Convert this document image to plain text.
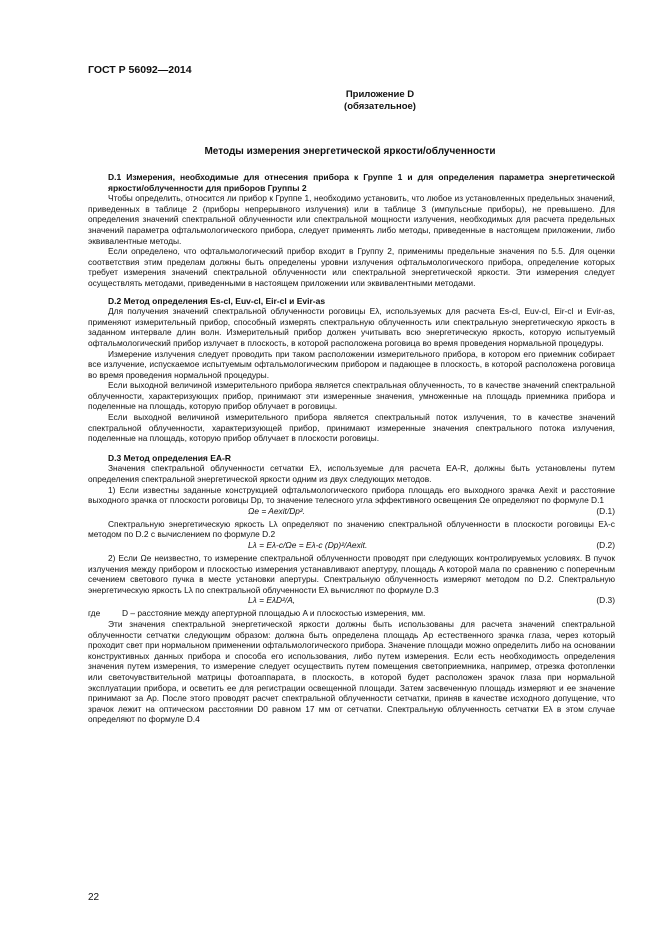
ГОСТ Р 56092—2014
Приложение D
(обязательное)
Методы измерения энергетической яркости/облученности
D.1 Измерения, необходимые для отнесения прибора к Группе 1 и для определения параметра энергетической яркости/облученности для приборов Группы 2

Чтобы определить, относится ли прибор к Группе 1, необходимо установить, что любое из установленных предельных значений, приведенных в таблице 2 (приборы непрерывного излучения) или в таблице 3 (импульсные приборы), не превышено. Для определения значений спектральной облученности или спектральной мощности излучения, необходимых для расчета предельных значений параметра офтальмологического прибора, следует применять либо методы, приведенные в настоящем приложении, либо эквивалентные методы.

Если определено, что офтальмологический прибор входит в Группу 2, применимы предельные значения по 5.5. Для оценки соответствия этим пределам должны быть определены уровни излучения офтальмологического прибора, определение которых требует измерения значений спектральной облученности или спектральной энергетической яркости. Эти измерения следует осуществлять методами, приведенными в настоящем приложении или эквивалентными методами.

D.2 Метод определения Es-cl, Euv-cl, Eir-cl и Evir-as

Для получения значений спектральной облученности роговицы Eλ, используемых для расчета Es-cl, Euv-cl, Eir-cl и Evir-as, применяют измерительный прибор, способный измерять спектральную облученность или спектральную энергетическую яркость в заданном интервале длин волн. Измерительный прибор должен учитывать всю энергетическую яркость, которую испытуемый офтальмологический прибор излучает в плоскость, в которой расположена роговица во время проведения нормальной процедуры.

Измерение излучения следует проводить при таком расположении измерительного прибора, в котором его приемник собирает все излучение, испускаемое испытуемым офтальмологическим прибором и падающее в плоскость, в которой расположена роговица во время проведения нормальной процедуры.

Если выходной величиной измерительного прибора является спектральная облученность, то в качестве значений спектральной облученности, характеризующих прибор, принимают эти измеренные значения, умноженные на площадь приемника прибора и поделенные на площадь, которую прибор облучает в роговицы.

Если выходной величиной измерительного прибора является спектральный поток излучения, то в качестве значений спектральной облученности, характеризующей прибор, принимают измеренные значения спектрального потока излучения, поделенные на площадь, которую прибор облучает в плоскости роговицы.

D.3 Метод определения EA-R

Значения спектральной облученности сетчатки Eλ, используемые для расчета EA-R, должны быть установлены путем определения спектральной энергетической яркости одним из двух следующих методов.

1) Если известны заданные конструкцией офтальмологического прибора площадь его выходного зрачка Aexit и расстояние выходного зрачка от плоскости роговицы Dp, то значение телесного угла эффективного освещения Ωe определяют по формуле D.1

Ωe = Aexit/Dp².	(D.1)

Спектральную энергетическую яркость Lλ определяют по значению спектральной облученности в плоскости роговицы Eλ-c методом по D.2 с вычислением по формуле D.2

Lλ = Eλ-c/Ωe = Eλ-c (Dp)²/Aexit.	(D.2)

2) Если Ωe неизвестно, то измерение спектральной облученности проводят при следующих контролируемых условиях. В пучок излучения между прибором и плоскостью измерения устанавливают апертуру, площадь A которой мала по сравнению с поперечным сечением светового пучка в месте установки апертуры. Спектральную облученность измеряют методом по D.2. Спектральную энергетическую яркость Lλ по спектральной облученности Eλ вычисляют по формуле D.3

Lλ = EλD²/A,	(D.3)
где	D – расстояние между апертурной площадью A и плоскостью измерения, мм.

Эти значения спектральной энергетической яркости должны быть использованы для расчета значений спектральной облученности сетчатки следующим образом: должна быть определена площадь Ap естественного зрачка глаза, через который проходит свет при нормальном применении офтальмологического прибора. Значение площади можно определить либо на основании конструктивных данных прибора и способа его использования, либо путем измерения. Если есть необходимость определения значения путем измерения, то измерение следует осуществить путем помещения светоприемника, например, отрезка фотопленки или светочувствительной матрицы фотоаппарата, в плоскость, в которой будет расположен зрачок глаза при нормальной эксплуатации прибора, и осветить ее для регистрации освещенной площади. Затем засвеченную площадь измеряют и ее значение принимают за Ap. После этого проводят расчет спектральной облученности сетчатки, приняв в качестве исходного допущение, что зрачок лежит на оптическом расстоянии D0 равном 17 мм от сетчатки. Спектральную облученность сетчатки Eλ в этом случае определяют по формуле D.4

22
